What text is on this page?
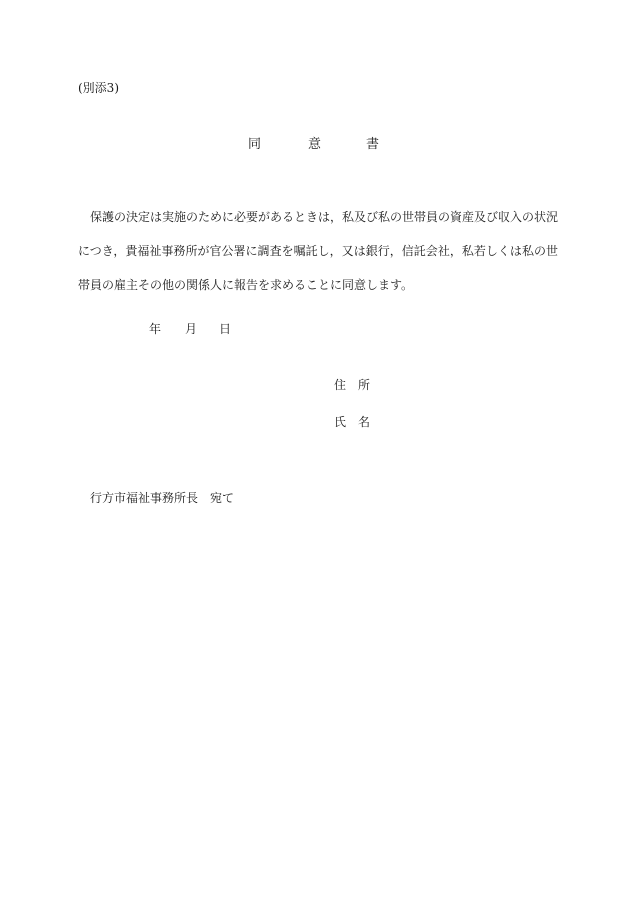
(別添3)
同	意	書
保護の決定は実施のために必要があるときは，私及び私の世帯員の資産及び収入の状況につき，貴福祉事務所が官公署に調査を嘱託し，又は銀行，信託会社，私若しくは私の世帯員の雇主その他の関係人に報告を求めることに同意します。
年 月 日
住所
氏名
行方市福祉事務所長　宛て
